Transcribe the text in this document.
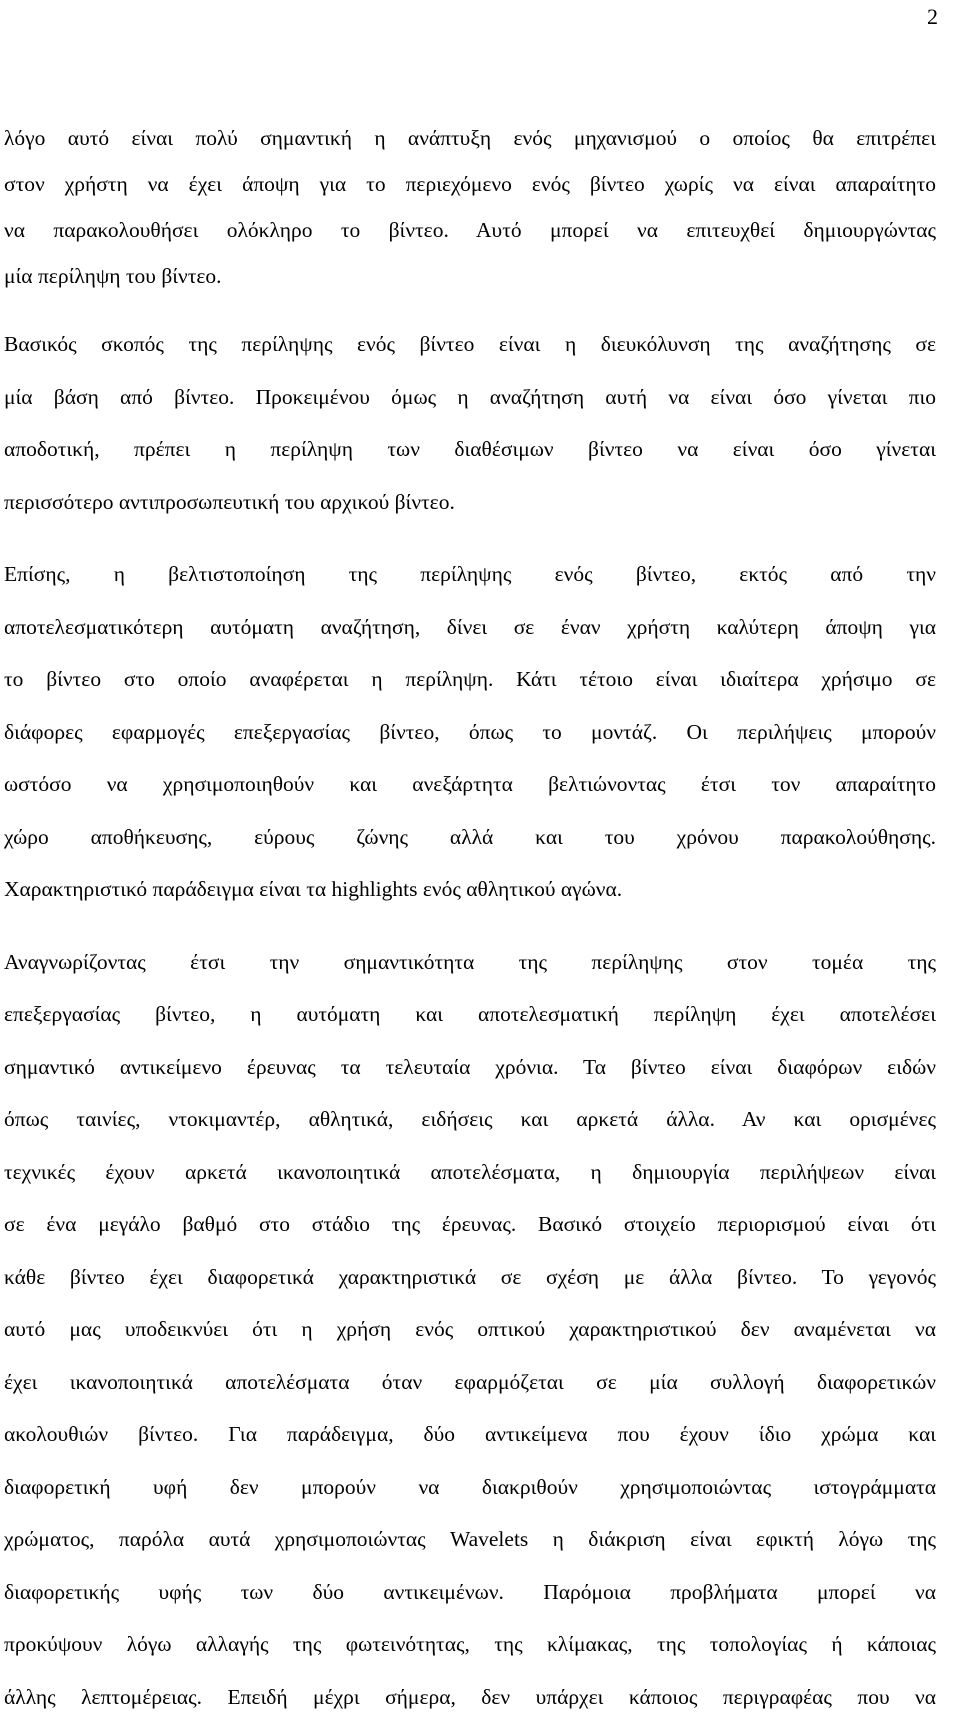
2
λόγο αυτό είναι πολύ σημαντική η ανάπτυξη ενός μηχανισμού ο οποίος θα επιτρέπει
στον χρήστη να έχει άποψη για το περιεχόμενο ενός βίντεο χωρίς να είναι απαραίτητο
να παρακολουθήσει ολόκληρο το βίντεο. Αυτό μπορεί να επιτευχθεί δημιουργώντας
μία περίληψη του βίντεο.
Βασικός σκοπός της περίληψης ενός βίντεο είναι η διευκόλυνση της αναζήτησης σε
μία βάση από βίντεο. Προκειμένου όμως η αναζήτηση αυτή να είναι όσο γίνεται πιο
αποδοτική, πρέπει η περίληψη των διαθέσιμων βίντεο να είναι όσο γίνεται
περισσότερο αντιπροσωπευτική του αρχικού βίντεο.
Επίσης, η βελτιστοποίηση της περίληψης ενός βίντεο, εκτός από την
αποτελεσματικότερη αυτόματη αναζήτηση, δίνει σε έναν χρήστη καλύτερη άποψη για
το βίντεο στο οποίο αναφέρεται η περίληψη. Κάτι τέτοιο είναι ιδιαίτερα χρήσιμο σε
διάφορες εφαρμογές επεξεργασίας βίντεο, όπως το μοντάζ. Οι περιλήψεις μπορούν
ωστόσο να χρησιμοποιηθούν και ανεξάρτητα βελτιώνοντας έτσι τον απαραίτητο
χώρο αποθήκευσης, εύρους ζώνης αλλά και του χρόνου παρακολούθησης.
Χαρακτηριστικό παράδειγμα είναι τα highlights ενός αθλητικού αγώνα.
Αναγνωρίζοντας έτσι την σημαντικότητα της περίληψης στον τομέα της
επεξεργασίας βίντεο, η αυτόματη και αποτελεσματική περίληψη έχει αποτελέσει
σημαντικό αντικείμενο έρευνας τα τελευταία χρόνια. Τα βίντεο είναι διαφόρων ειδών
όπως ταινίες, ντοκιμαντέρ, αθλητικά, ειδήσεις και αρκετά άλλα. Αν και ορισμένες
τεχνικές έχουν αρκετά ικανοποιητικά αποτελέσματα, η δημιουργία περιλήψεων είναι
σε ένα μεγάλο βαθμό στο στάδιο της έρευνας. Βασικό στοιχείο περιορισμού είναι ότι
κάθε βίντεο έχει διαφορετικά χαρακτηριστικά σε σχέση με άλλα βίντεο. Το γεγονός
αυτό μας υποδεικνύει ότι η χρήση ενός οπτικού χαρακτηριστικού δεν αναμένεται να
έχει ικανοποιητικά αποτελέσματα όταν εφαρμόζεται σε μία συλλογή διαφορετικών
ακολουθιών βίντεο. Για παράδειγμα, δύο αντικείμενα που έχουν ίδιο χρώμα και
διαφορετική υφή δεν μπορούν να διακριθούν χρησιμοποιώντας ιστογράμματα
χρώματος, παρόλα αυτά χρησιμοποιώντας Wavelets η διάκριση είναι εφικτή λόγω της
διαφορετικής υφής των δύο αντικειμένων. Παρόμοια προβλήματα μπορεί να
προκύψουν λόγω αλλαγής της φωτεινότητας, της κλίμακας, της τοπολογίας ή κάποιας
άλλης λεπτομέρειας. Επειδή μέχρι σήμερα, δεν υπάρχει κάποιος περιγραφέας που να
